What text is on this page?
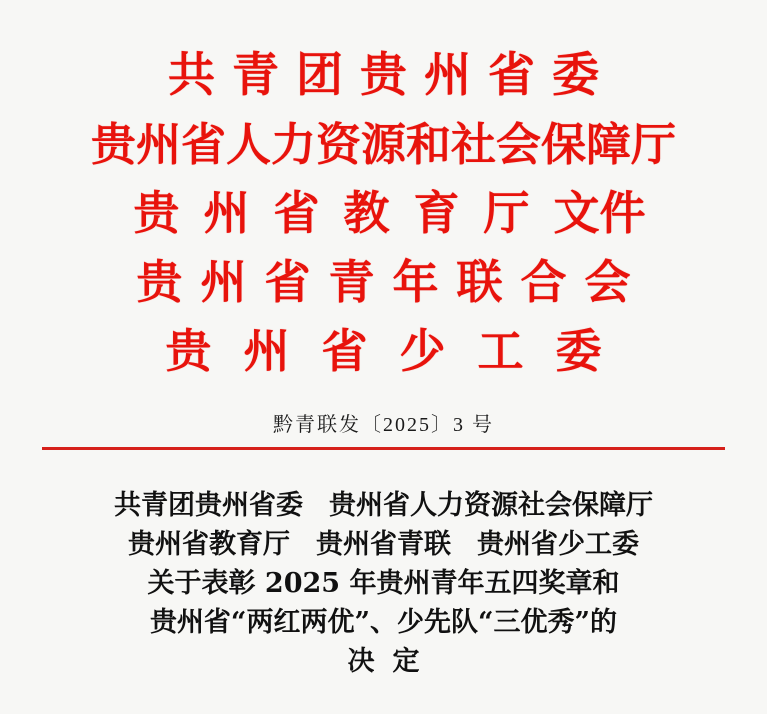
共青团贵州省委
贵州省人力资源和社会保障厅
贵州省教育厅文件
贵州省青年联合会
贵州省少工委
黔青联发〔2025〕3 号
共青团贵州省委 贵州省人力资源社会保障厅
贵州省教育厅 贵州省青联 贵州省少工委
关于表彰 2025 年贵州青年五四奖章和
贵州省“两红两优”、少先队“三优秀”的
决定
